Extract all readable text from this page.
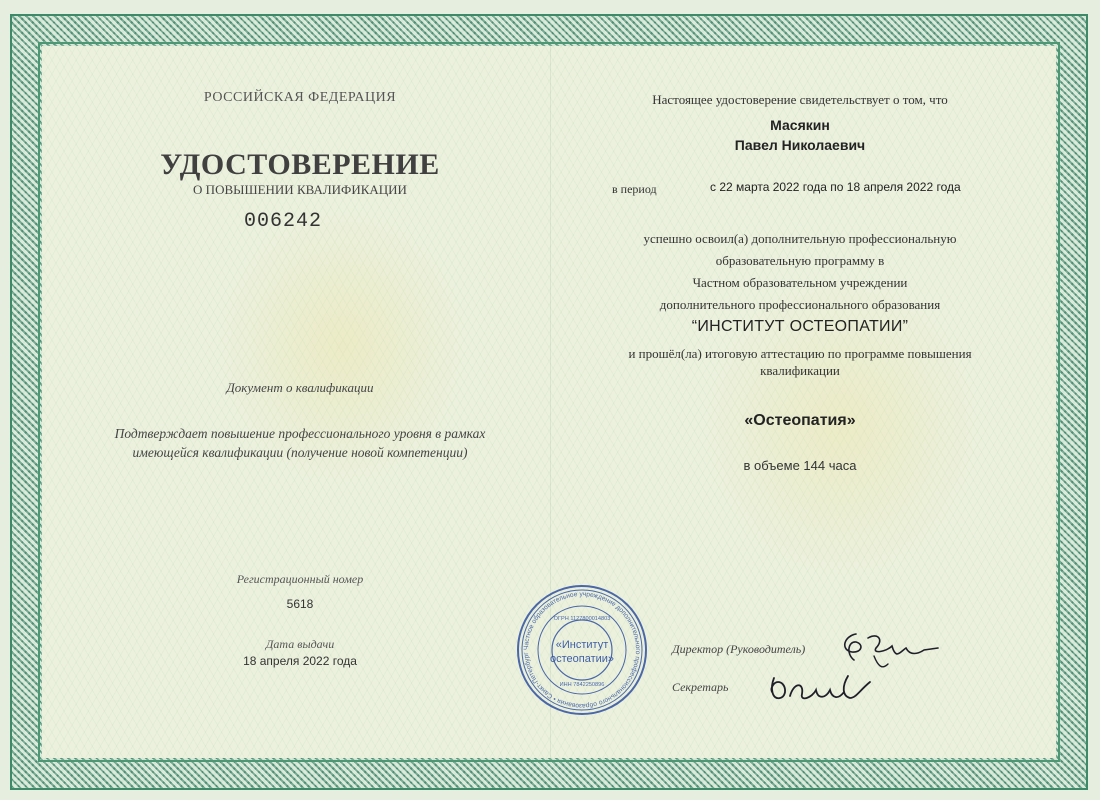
РОССИЙСКАЯ ФЕДЕРАЦИЯ
УДОСТОВЕРЕНИЕ
О ПОВЫШЕНИИ КВАЛИФИКАЦИИ
006242
Документ о квалификации
Подтверждает повышение профессионального уровня в рамках
имеющейся квалификации (получение новой компетенции)
Регистрационный номер
5618
Дата выдачи
18 апреля 2022 года
Настоящее удостоверение свидетельствует о том, что
Масякин
Павел Николаевич
в период	с 22 марта 2022 года по 18 апреля 2022 года
успешно освоил(а) дополнительную профессиональную
образовательную программу в
Частном образовательном учреждении
дополнительного профессионального образования
“ИНСТИТУТ ОСТЕОПАТИИ”
и прошёл(ла) итоговую аттестацию по программе повышения
квалификации
«Остеопатия»
в объеме 144 часа
Директор (Руководитель)
Секретарь
Частное образовательное учреждение дополнительного профессионального образования • Санкт-Петербург
ОГРН 1127800014803
ИНН 7842250896
«Институт
остеопатии»
